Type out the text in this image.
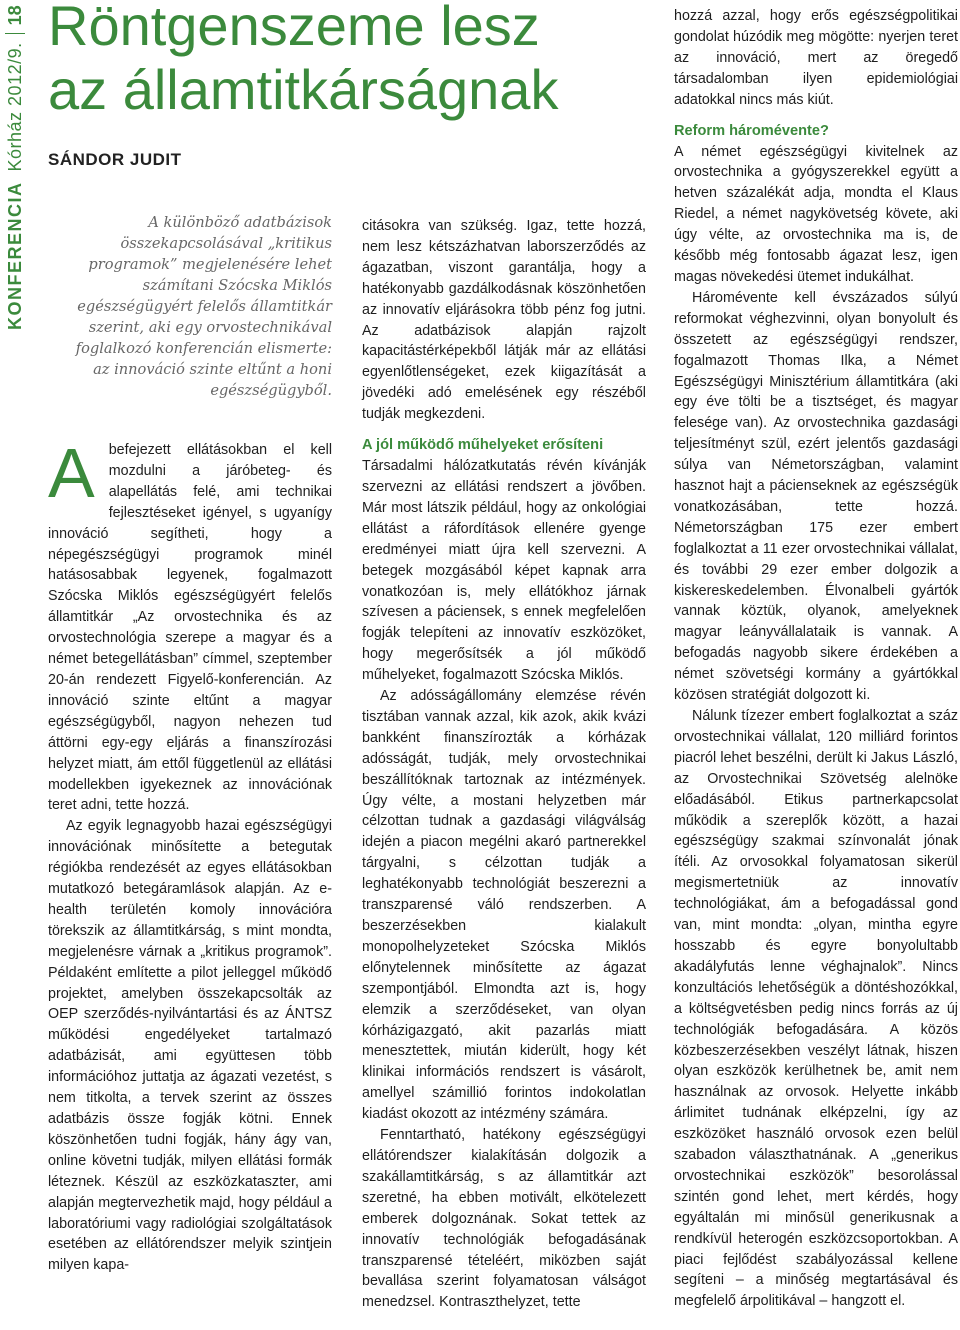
KONFERENCIAKórház 2012/9.18 Röntgenszeme lesz
az államtitkárságnak
SÁNDOR JUDIT
A különböző adatbázisok összekapcsolásával „kritikus programok” megjelenésére lehet számítani Szócska Miklós egészségügyért felelős államtitkár szerint, aki egy orvostechnikával foglalkozó konferencián elismerte: az innováció szinte eltűnt a honi egészségügyből.
A befejezett ellátásokban el kell mozdulni a járóbeteg- és alapellátás felé, ami technikai fejlesztéseket igényel, s ugyanígy innováció segítheti, hogy a népegészségügyi programok minél hatásosabbak legyenek, fogalmazott Szócska Miklós egészségügyért felelős államtitkár „Az orvostechnika és az orvostechnológia szerepe a magyar és a német betegellátásban” címmel, szeptember 20-án rendezett Figyelő-konferencián. Az innováció szinte eltűnt a magyar egészségügyből, nagyon nehezen tud áttörni egy-egy eljárás a finanszírozási helyzet miatt, ám ettől függetlenül az ellátási modellekben igyekeznek az innovációnak teret adni, tette hozzá.

Az egyik legnagyobb hazai egészségügyi innovációnak minősítette a betegutak régiókba rendezését az egyes ellátásokban mutatkozó betegáramlások alapján. Az e-health területén komoly innovációra törekszik az államtitkárság, s mint mondta, megjelenésre várnak a „kritikus programok”. Példaként említette a pilot jelleggel működő projektet, amelyben összekapcsolták az OEP szerződés-nyilvántartási és az ÁNTSZ működési engedélyeket tartalmazó adatbázisát, ami együttesen több információhoz juttatja az ágazati vezetést, s nem titkolta, a tervek szerint az összes adatbázis össze fogják kötni. Ennek köszönhetően tudni fogják, hány ágy van, online követni tudják, milyen ellátási formák léteznek. Készül az eszközkataszter, ami alapján megtervezhetik majd, hogy például a laboratóriumi vagy radiológiai szolgáltatások esetében az ellátórendszer melyik szintjein milyen kapa-

citásokra van szükség. Igaz, tette hozzá, nem lesz kétszázhatvan laborszerződés az ágazatban, viszont garantálja, hogy a hatékonyabb gazdálkodásnak köszönhetően az innovatív eljárásokra több pénz fog jutni. Az adatbázisok alapján rajzolt kapacitástérképekből látják már az ellátási egyenlőtlenségeket, ezek kiigazítását a jövedéki adó emelésének egy részéből tudják megkezdeni.

A jól működő műhelyeket erősíteni

Társadalmi hálózatkutatás révén kívánják szervezni az ellátási rendszert a jövőben. Már most látszik például, hogy az onkológiai ellátást a ráfordítások ellenére gyenge eredményei miatt újra kell szervezni. A betegek mozgásából képet kapnak arra vonatkozóan is, mely ellátókhoz járnak szívesen a páciensek, s ennek megfelelően fogják telepíteni az innovatív eszközöket, hogy megerősítsék a jól működő műhelyeket, fogalmazott Szócska Miklós.

Az adósságállomány elemzése révén tisztában vannak azzal, kik azok, akik kvázi bankként finanszírozták a kórházak adósságát, tudják, mely orvostechnikai beszállítóknak tartoznak az intézmények. Úgy vélte, a mostani helyzetben már célzottan tudnak a gazdasági világválság idején a piacon megélni akaró partnerekkel tárgyalni, s célzottan tudják a leghatékonyabb technológiát beszerezni a transzparensé váló rendszerben. A beszerzésekben kialakult monopolhelyzeteket Szócska Miklós előnytelennek minősítette az ágazat szempontjából. Elmondta azt is, hogy elemzik a szerződéseket, van olyan kórházigazgató, akit pazarlás miatt menesztettek, miután kiderült, hogy két klinikai információs rendszert is vásárolt, amellyel számillió forintos indokolatlan kiadást okozott az intézmény számára.

Fenntartható, hatékony egészségügyi ellátórendszer kialakításán dolgozik a szakállamtitkárság, s az államtitkár azt szeretné, ha ebben motivált, elkötelezett emberek dolgoznának. Sokat tettek az innovatív technológiák befogadásának transzparensé tételéért, miközben saját bevallása szerint folyamatosan válságot menedzsel. Kontraszthelyzet, tette

hozzá azzal, hogy erős egészségpolitikai gondolat húzódik meg mögötte: nyerjen teret az innováció, mert az öregedő társadalomban ilyen epidemiológiai adatokkal nincs más kiút.

Reform háromévente?

A német egészségügyi kivitelnek az orvostechnika a gyógyszerekkel együtt a hetven százalékát adja, mondta el Klaus Riedel, a német nagykövetség követe, aki úgy vélte, az orvostechnika ma is, de később még fontosabb ágazat lesz, igen magas növekedési ütemet indukálhat.

Háromévente kell évszázados súlyú reformokat véghezvinni, olyan bonyolult és összetett az egészségügyi rendszer, fogalmazott Thomas Ilka, a Német Egészségügyi Minisztérium államtitkára (aki egy éve tölti be a tisztséget, és magyar felesége van). Az orvostechnika gazdasági teljesítményt szül, ezért jelentős gazdasági súlya van Németországban, valamint hasznot hajt a pácienseknek az egészségük vonatkozásában, tette hozzá. Németországban 175 ezer embert foglalkoztat a 11 ezer orvostechnikai vállalat, és további 29 ezer ember dolgozik a kiskereskedelemben. Élvonalbeli gyártók vannak köztük, olyanok, amelyeknek magyar leányvállalataik is vannak. A befogadás nagyobb sikere érdekében a német szövetségi kormány a gyártókkal közösen stratégiát dolgozott ki.

Nálunk tízezer embert foglalkoztat a száz orvostechnikai vállalat, 120 milliárd forintos piacról lehet beszélni, derült ki Jakus László, az Orvostechnikai Szövetség alelnöke előadásából. Etikus partnerkapcsolat működik a szereplők között, a hazai egészségügy szakmai színvonalát jónak ítéli. Az orvosokkal folyamatosan sikerül megismertetniük az innovatív technológiákat, ám a befogadással gond van, mint mondta: „olyan, mintha egyre hosszabb és egyre bonyolultabb akadályfutás lenne véghajnalok”. Nincs konzultációs lehetőségük a döntéshozókkal, a költségvetésben pedig nincs forrás az új technológiák befogadására. A közös közbeszerzésekben veszélyt látnak, hiszen olyan eszközök kerülhetnek be, amit nem használnak az orvosok. Helyette inkább árlimitet tudnának elképzelni, így az eszközöket használó orvosok ezen belül szabadon választhatnának. A „generikus orvostechnikai eszközök” besorolással szintén gond lehet, mert kérdés, hogy egyáltalán mi minősül generikusnak a rendkívül heterogén eszközcsoportokban. A piaci fejlődést szabályozással kellene segíteni – a minőség megtartásával és megfelelő árpolitikával – hangzott el.
